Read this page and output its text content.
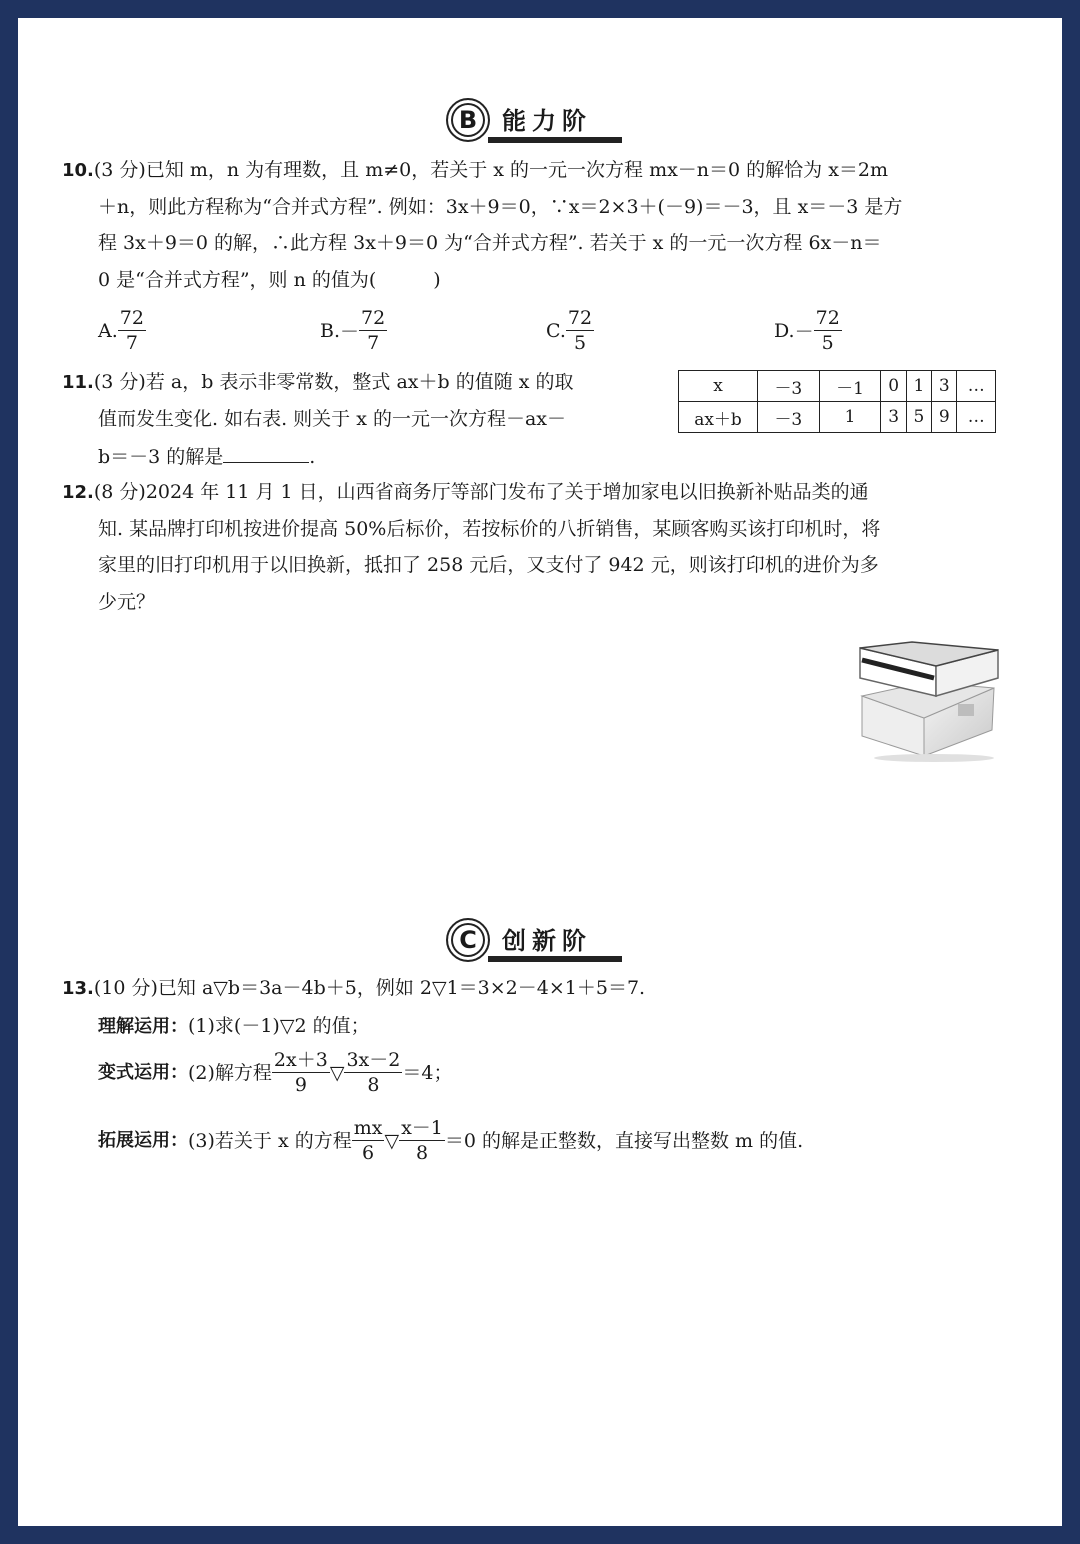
B	能力阶
10.(3 分)已知 m，n 为有理数，且 m≠0，若关于 x 的一元一次方程 mx－n＝0 的解恰为 x＝2m
＋n，则此方程称为“合并式方程”. 例如：3x＋9＝0，∵x＝2×3＋(－9)＝－3，且 x＝－3 是方
程 3x＋9＝0 的解，∴此方程 3x＋9＝0 为“合并式方程”. 若关于 x 的一元一次方程 6x－n＝
0 是“合并式方程”，则 n 的值为(　　　)
A. $\frac{72}{7}$	B. － $\frac{72}{7}$	C. $\frac{72}{5}$	D. － $\frac{72}{5}$
11.(3 分)若 a，b 表示非零常数，整式 ax＋b 的值随 x 的取
值而发生变化. 如右表. 则关于 x 的一元一次方程－ax－
b＝－3 的解是	.
x	－3	－1	0	1	3	…
ax＋b	－3	1	3	5	9	…
12.(8 分)2024 年 11 月 1 日，山西省商务厅等部门发布了关于增加家电以旧换新补贴品类的通
知. 某品牌打印机按进价提高 50%后标价，若按标价的八折销售，某顾客购买该打印机时，将
家里的旧打印机用于以旧换新，抵扣了 258 元后，又支付了 942 元，则该打印机的进价为多
少元？
C	创新阶
13.(10 分)已知 a▽b＝3a－4b＋5，例如 2▽1＝3×2－4×1＋5＝7.
理解运用：(1)求(－1)▽2 的值；
变式运用： (2)解方程 $\frac{2x+3}{9}$ ▽ $\frac{3x-2}{8} =4$；
拓展运用： (3)若关于 x 的方程 $\frac{mx}{6}$ ▽ $\frac{x-1}{8} =0$ 的解是正整数，直接写出整数 m 的值.
